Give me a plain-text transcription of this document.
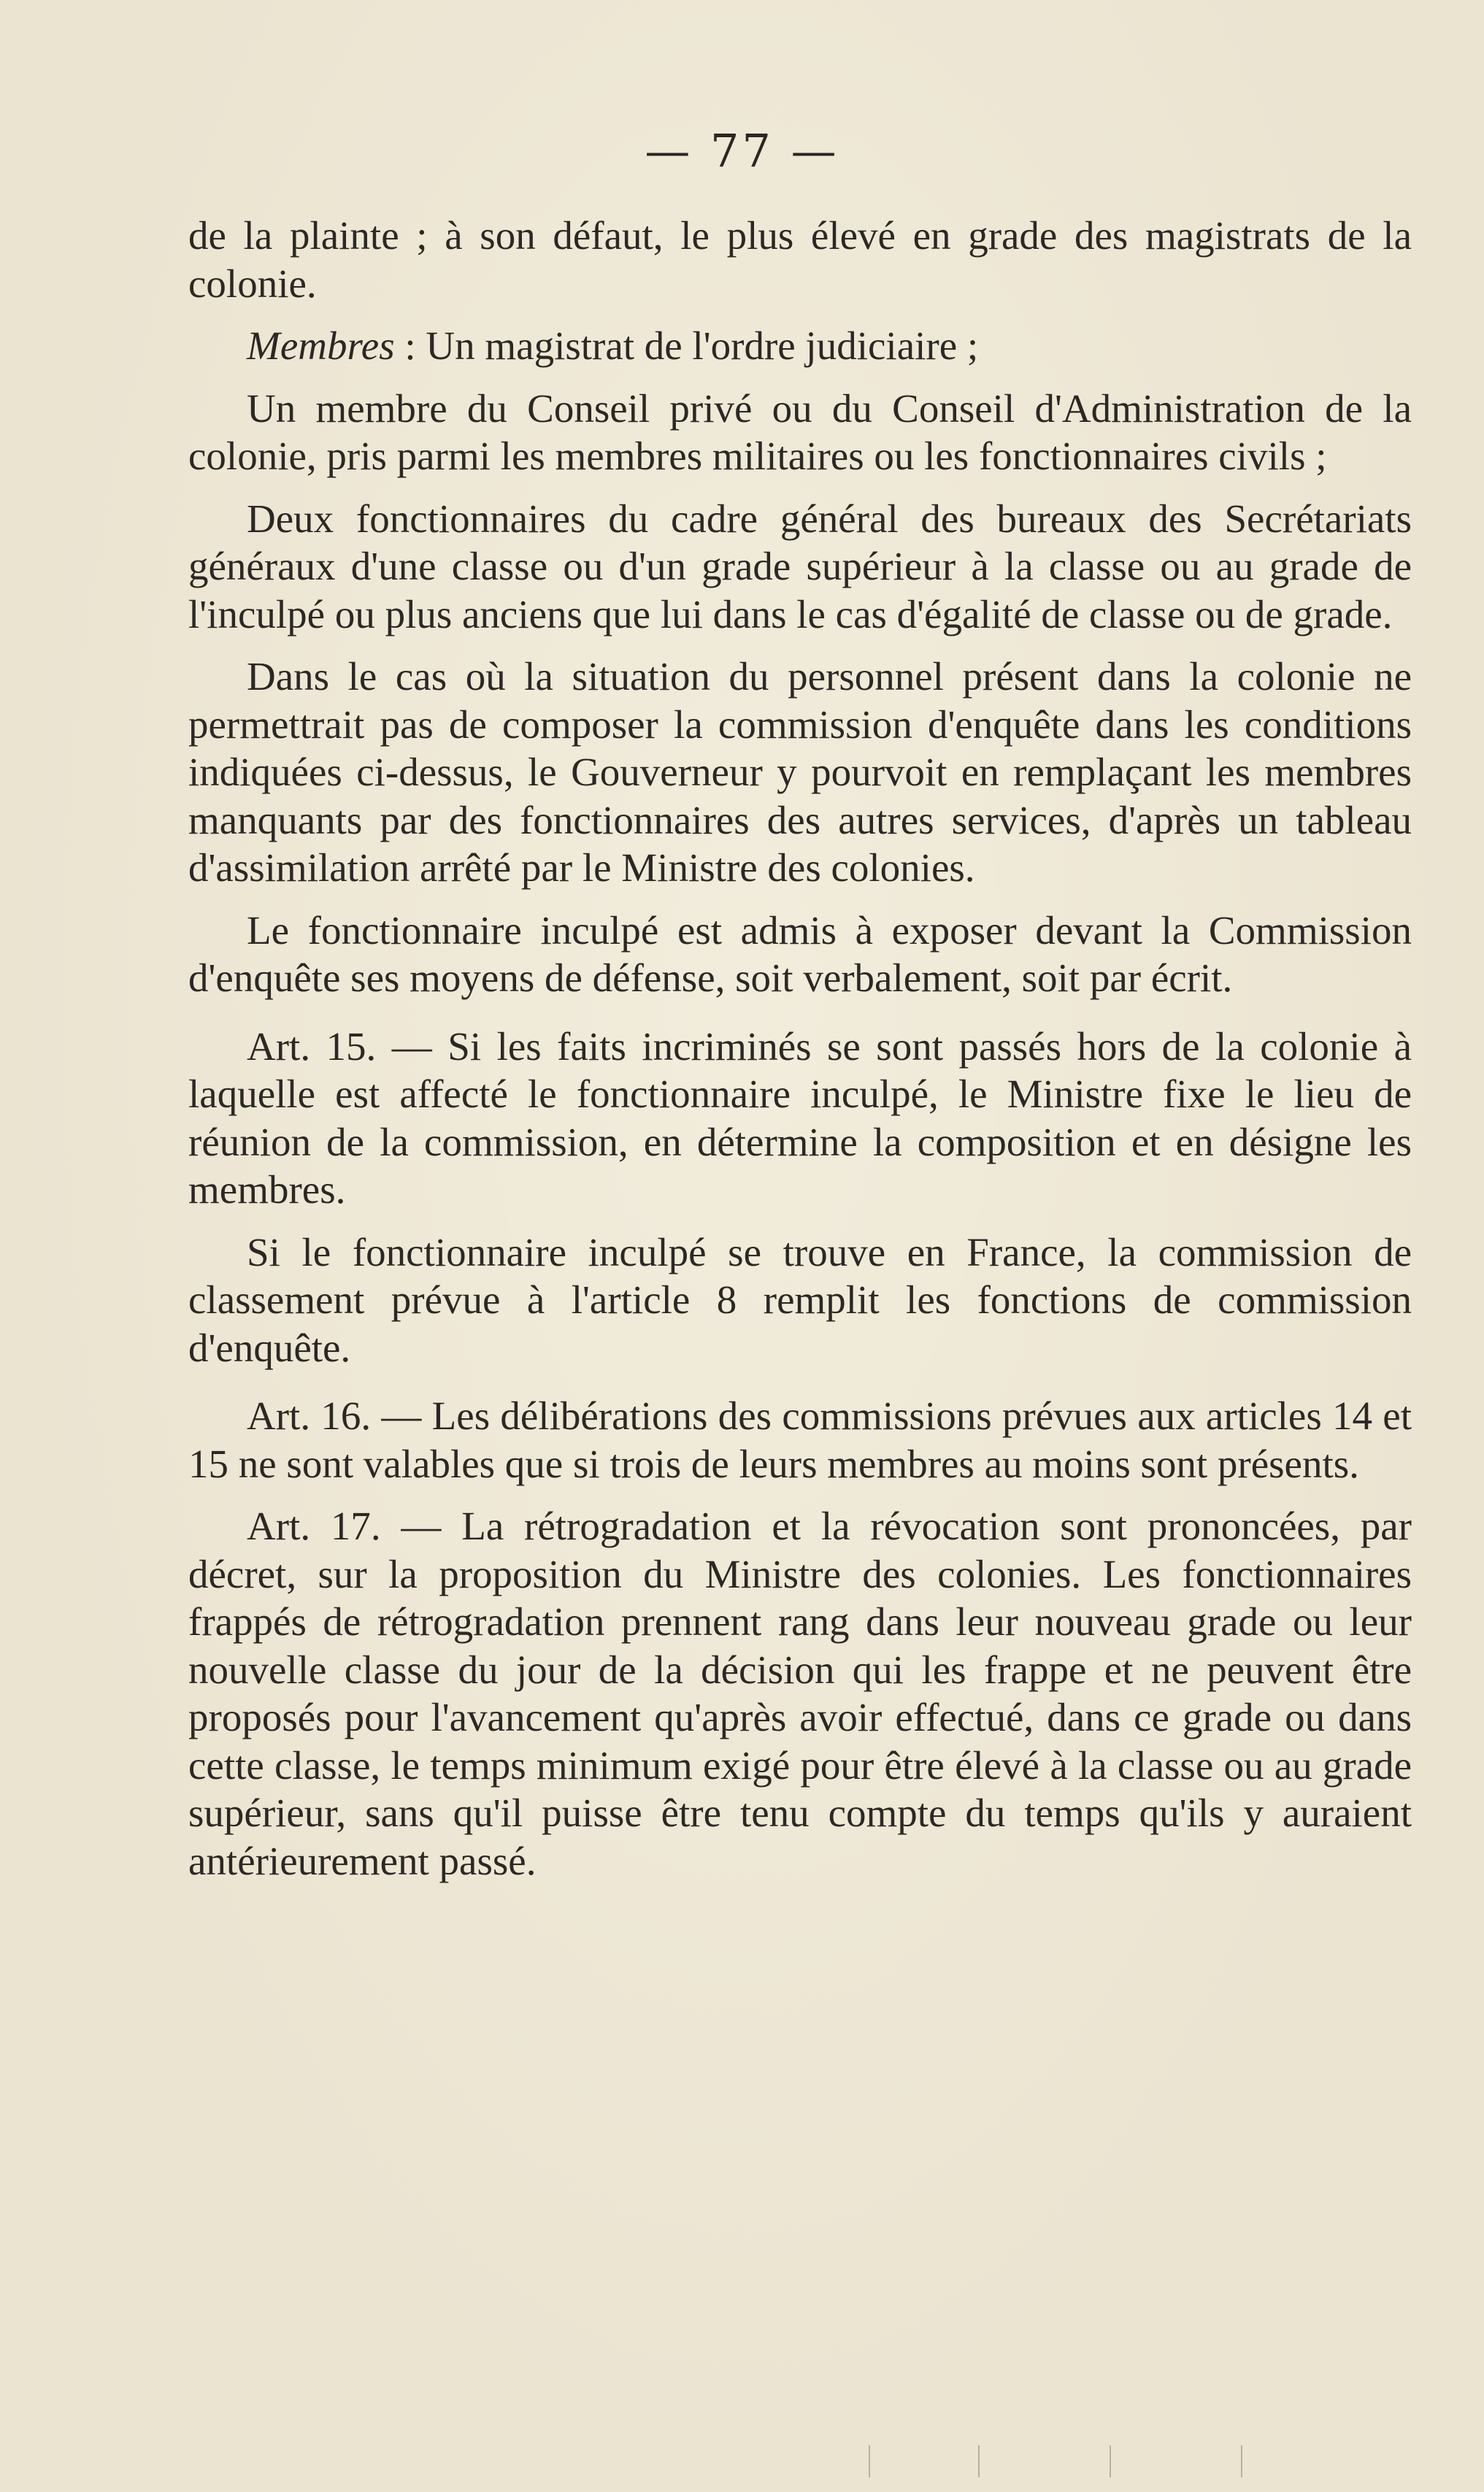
— 77 —

de la plainte ; à son défaut, le plus élevé en grade des magistrats de la colonie.

Membres : Un magistrat de l'ordre judiciaire ;

Un membre du Conseil privé ou du Conseil d'Administration de la colonie, pris parmi les membres militaires ou les fonctionnaires civils ;

Deux fonctionnaires du cadre général des bureaux des Secrétariats généraux d'une classe ou d'un grade supérieur à la classe ou au grade de l'inculpé ou plus anciens que lui dans le cas d'égalité de classe ou de grade.

Dans le cas où la situation du personnel présent dans la colonie ne permettrait pas de composer la commission d'enquête dans les conditions indiquées ci-dessus, le Gouverneur y pourvoit en remplaçant les membres manquants par des fonctionnaires des autres services, d'après un tableau d'assimilation arrêté par le Ministre des colonies.

Le fonctionnaire inculpé est admis à exposer devant la Commission d'enquête ses moyens de défense, soit verbalement, soit par écrit.

Art. 15. — Si les faits incriminés se sont passés hors de la colonie à laquelle est affecté le fonctionnaire inculpé, le Ministre fixe le lieu de réunion de la commission, en détermine la composition et en désigne les membres.

Si le fonctionnaire inculpé se trouve en France, la commission de classement prévue à l'article 8 remplit les fonctions de commission d'enquête.

Art. 16. — Les délibérations des commissions prévues aux articles 14 et 15 ne sont valables que si trois de leurs membres au moins sont présents.

Art. 17. — La rétrogradation et la révocation sont prononcées, par décret, sur la proposition du Ministre des colonies. Les fonctionnaires frappés de rétrogradation prennent rang dans leur nouveau grade ou leur nouvelle classe du jour de la décision qui les frappe et ne peuvent être proposés pour l'avancement qu'après avoir effectué, dans ce grade ou dans cette classe, le temps minimum exigé pour être élevé à la classe ou au grade supérieur, sans qu'il puisse être tenu compte du temps qu'ils y auraient antérieurement passé.
